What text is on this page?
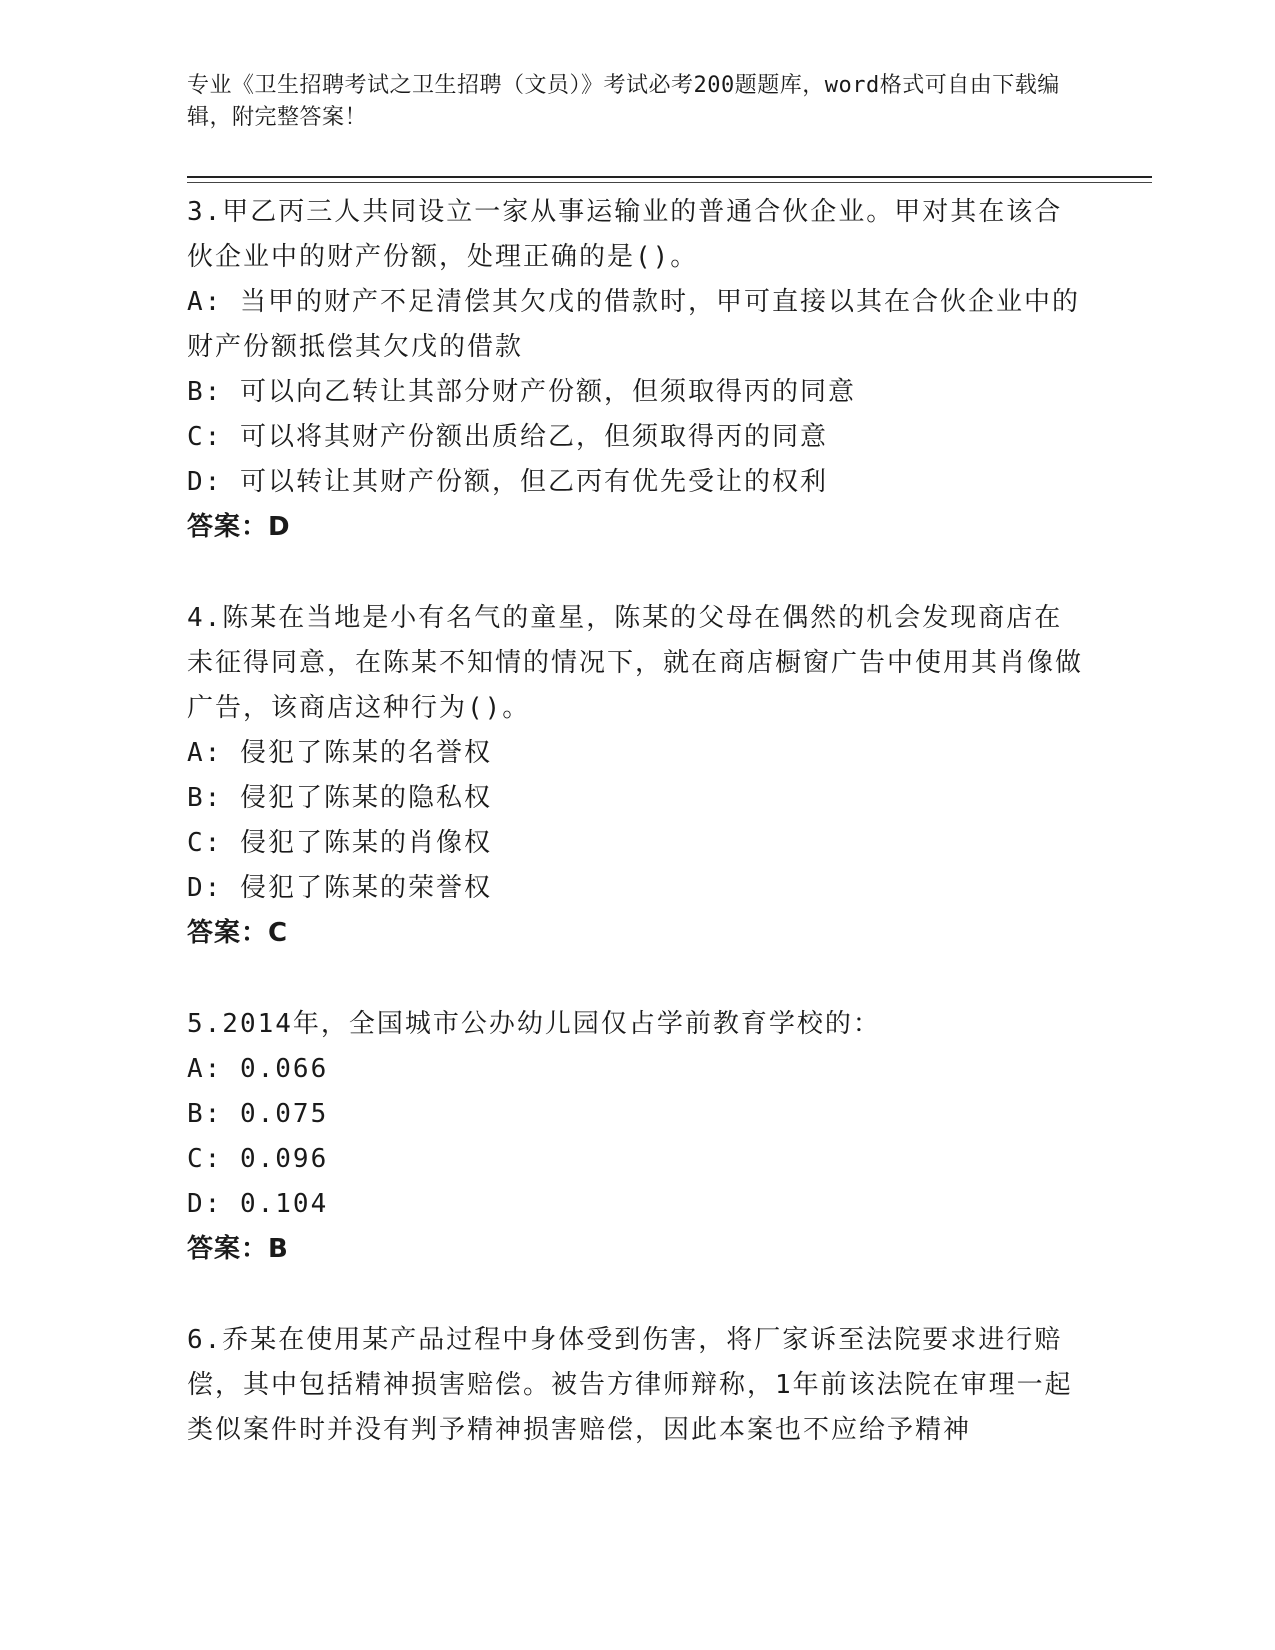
专业《卫生招聘考试之卫生招聘（文员）》考试必考200题题库，word格式可自由下载编辑，附完整答案！
3.甲乙丙三人共同设立一家从事运输业的普通合伙企业。甲对其在该合伙企业中的财产份额，处理正确的是()。
A: 当甲的财产不足清偿其欠戊的借款时，甲可直接以其在合伙企业中的财产份额抵偿其欠戊的借款
B: 可以向乙转让其部分财产份额，但须取得丙的同意
C: 可以将其财产份额出质给乙，但须取得丙的同意
D: 可以转让其财产份额，但乙丙有优先受让的权利
答案：D
4.陈某在当地是小有名气的童星，陈某的父母在偶然的机会发现商店在未征得同意，在陈某不知情的情况下，就在商店橱窗广告中使用其肖像做广告，该商店这种行为()。
A: 侵犯了陈某的名誉权
B: 侵犯了陈某的隐私权
C: 侵犯了陈某的肖像权
D: 侵犯了陈某的荣誉权
答案：C
5.2014年，全国城市公办幼儿园仅占学前教育学校的：
A: 0.066
B: 0.075
C: 0.096
D: 0.104
答案：B
6.乔某在使用某产品过程中身体受到伤害，将厂家诉至法院要求进行赔偿，其中包括精神损害赔偿。被告方律师辩称，1年前该法院在审理一起类似案件时并没有判予精神损害赔偿，因此本案也不应给予精神
